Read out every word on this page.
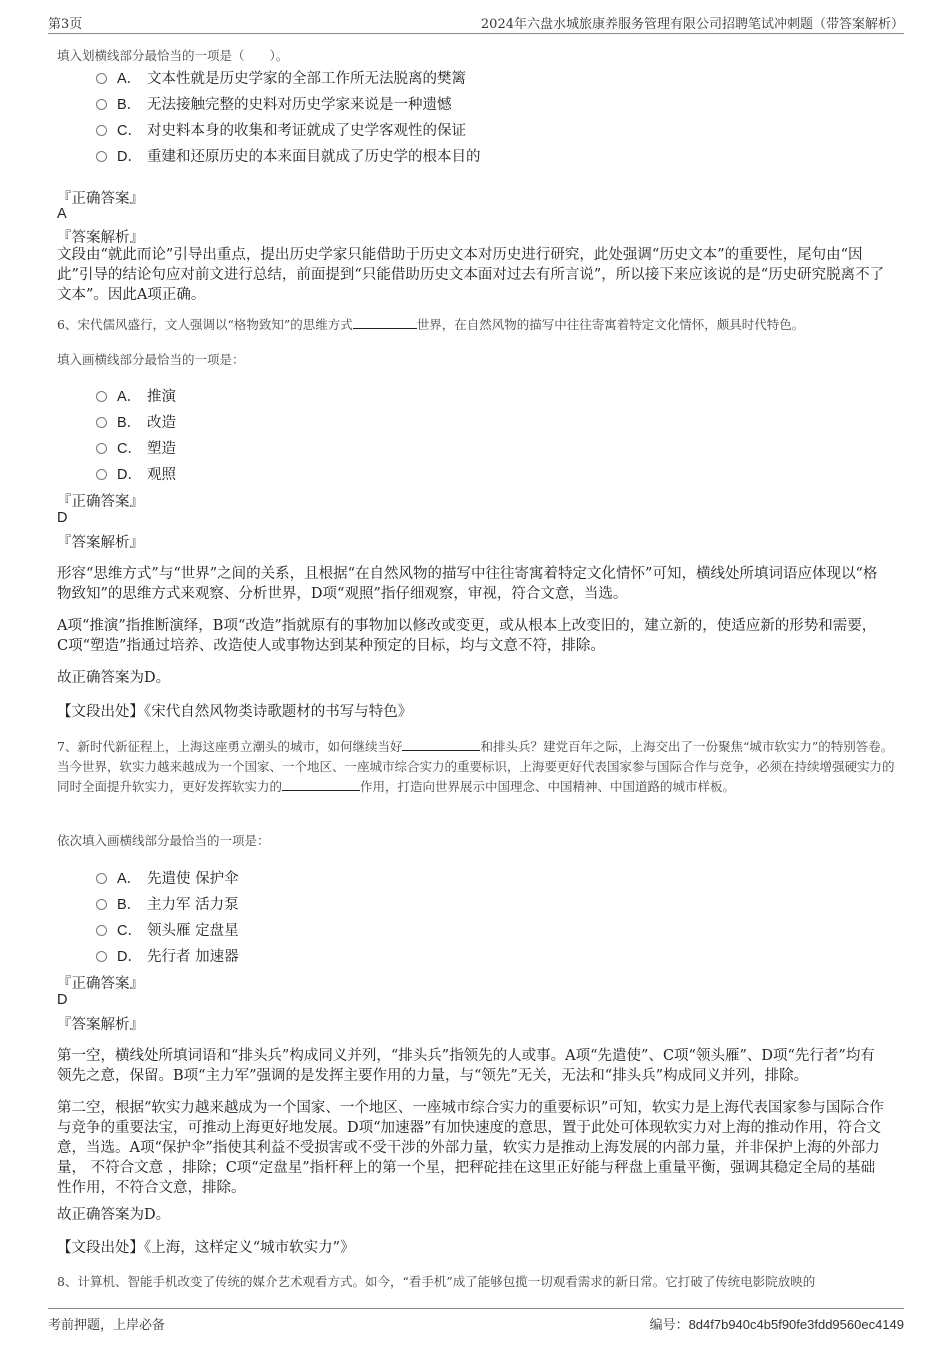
第3页	2024年六盘水城旅康养服务管理有限公司招聘笔试冲刺题（带答案解析）
填入划横线部分最恰当的一项是（　　）。
A． 文本性就是历史学家的全部工作所无法脱离的樊篱
B． 无法接触完整的史料对历史学家来说是一种遗憾
C． 对史料本身的收集和考证就成了史学客观性的保证
D． 重建和还原历史的本来面目就成了历史学的根本目的
『正确答案』
A
『答案解析』
文段由“就此而论”引导出重点，提出历史学家只能借助于历史文本对历史进行研究，此处强调“历史文本”的重要性，尾句由“因此”引导的结论句应对前文进行总结，前面提到“只能借助历史文本面对过去有所言说”，所以接下来应该说的是“历史研究脱离不了文本”。因此A项正确。
6、宋代儒风盛行，文人强调以“格物致知”的思维方式	世界，在自然风物的描写中往往寄寓着特定文化情怀，颇具时代特色。
填入画横线部分最恰当的一项是：
A． 推演
B． 改造
C． 塑造
D． 观照
『正确答案』
D
『答案解析』
形容“思维方式”与“世界”之间的关系，且根据“在自然风物的描写中往往寄寓着特定文化情怀”可知，横线处所填词语应体现以“格物致知”的思维方式来观察、分析世界，D项“观照”指仔细观察，审视，符合文意，当选。
A项“推演”指推断演绎，B项“改造”指就原有的事物加以修改或变更，或从根本上改变旧的，建立新的，使适应新的形势和需要，C项“塑造”指通过培养、改造使人或事物达到某种预定的目标，均与文意不符，排除。
故正确答案为D。
【文段出处】《宋代自然风物类诗歌题材的书写与特色》
7、新时代新征程上，上海这座勇立潮头的城市，如何继续当好	和排头兵？建党百年之际，上海交出了一份聚焦“城市软实力”的特别答卷。当今世界，软实力越来越成为一个国家、一个地区、一座城市综合实力的重要标识，上海要更好代表国家参与国际合作与竞争，必须在持续增强硬实力的同时全面提升软实力，更好发挥软实力的	作用，打造向世界展示中国理念、中国精神、中国道路的城市样板。
依次填入画横线部分最恰当的一项是：
A． 先遣使 保护伞
B． 主力军 活力泵
C． 领头雁 定盘星
D． 先行者 加速器
『正确答案』
D
『答案解析』
第一空，横线处所填词语和“排头兵”构成同义并列，“排头兵”指领先的人或事。A项“先遣使”、C项“领头雁”、D项“先行者”均有领先之意，保留。B项“主力军”强调的是发挥主要作用的力量，与“领先”无关，无法和“排头兵”构成同义并列，排除。
第二空，根据“软实力越来越成为一个国家、一个地区、一座城市综合实力的重要标识”可知，软实力是上海代表国家参与国际合作与竞争的重要法宝，可推动上海更好地发展。D项“加速器”有加快速度的意思，置于此处可体现软实力对上海的推动作用，符合文意，当选。A项“保护伞”指使其利益不受损害或不受干涉的外部力量，软实力是推动上海发展的内部力量，并非保护上海的外部力量， 不符合文意 ，排除；C项“定盘星”指杆秤上的第一个星，把秤砣挂在这里正好能与秤盘上重量平衡，强调其稳定全局的基础性作用，不符合文意，排除。
故正确答案为D。
【文段出处】《上海，这样定义“城市软实力”》
8、计算机、智能手机改变了传统的媒介艺术观看方式。如今，“看手机”成了能够包揽一切观看需求的新日常。它打破了传统电影院放映的
考前押题，上岸必备	编号：8d4f7b940c4b5f90fe3fdd9560ec4149
